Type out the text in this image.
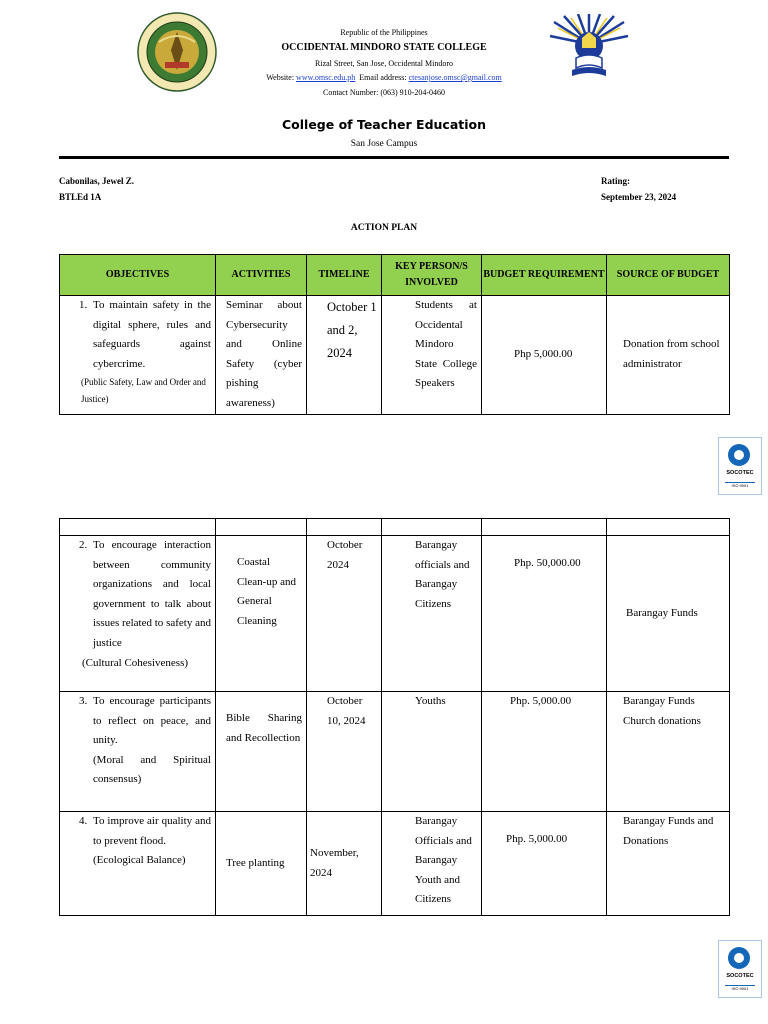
Republic of the Philippines
OCCIDENTAL MINDORO STATE COLLEGE
Rizal Street, San Jose, Occidental Mindoro
Website: www.omsc.edu.ph Email address: ctesanjose.omsc@gmail.com
Contact Number: (063) 910-204-0460
College of Teacher Education
San Jose Campus
Cabonilas, Jewel Z.
BTLEd 1A
Rating:
September 23, 2024
ACTION PLAN
OBJECTIVES	ACTIVITIES	TIMELINE	KEY PERSON/S INVOLVED	BUDGET REQUIREMENT	SOURCE OF BUDGET

1. To maintain safety in the digital sphere, rules and safeguards against cybercrime.
(Public Safety, Law and Order and Justice)	Seminar about Cybersecurity and Online Safety (cyber pishing awareness)	October 1 and 2, 2024	Students at Occidental Mindoro State College Speakers	Php 5,000.00	Donation from school administrator
SOCOTEC
ISO 9001

2. To encourage interaction between community organizations and local government to talk about issues related to safety and justice
(Cultural Cohesiveness)	Coastal Clean-up and General Cleaning	October 2024	Barangay officials and Barangay Citizens	Php. 50,000.00	Barangay Funds

3. To encourage participants to reflect on peace, and unity.
(Moral and Spiritual consensus)	Bible Sharing and Recollection	October 10, 2024	Youths	Php. 5,000.00	Barangay Funds Church donations

4. To improve air quality and to prevent flood.
(Ecological Balance)	Tree planting	November, 2024	Barangay Officials and Barangay Youth and Citizens	Php. 5,000.00	Barangay Funds and Donations
SOCOTEC
ISO 9001
